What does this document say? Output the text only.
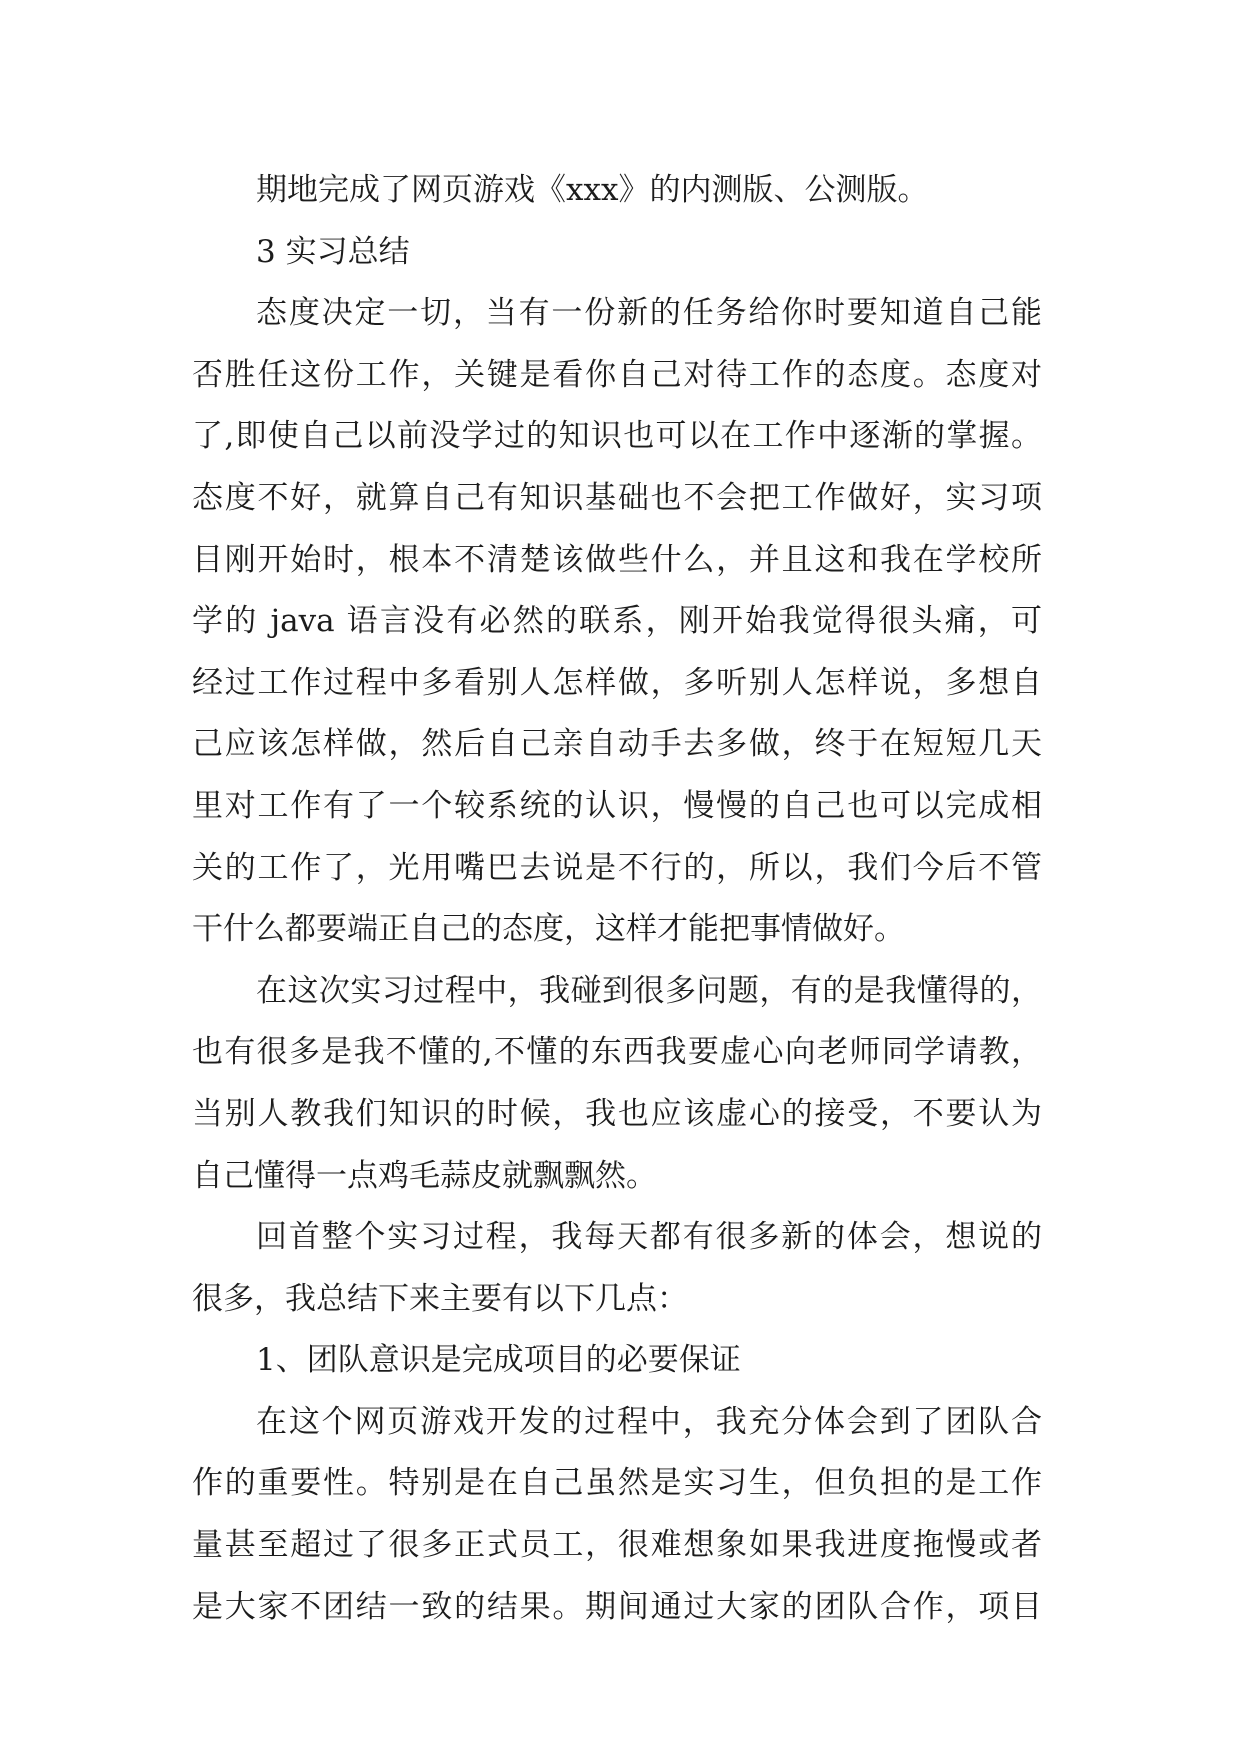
期地完成了网页游戏《xxx》的内测版、公测版。
3 实习总结
态度决定一切，当有一份新的任务给你时要知道自己能
否胜任这份工作，关键是看你自己对待工作的态度。态度对
了,即使自己以前没学过的知识也可以在工作中逐渐的掌握。
态度不好，就算自己有知识基础也不会把工作做好，实习项
目刚开始时，根本不清楚该做些什么，并且这和我在学校所
学的 java 语言没有必然的联系，刚开始我觉得很头痛，可
经过工作过程中多看别人怎样做，多听别人怎样说，多想自
己应该怎样做，然后自己亲自动手去多做，终于在短短几天
里对工作有了一个较系统的认识，慢慢的自己也可以完成相
关的工作了，光用嘴巴去说是不行的，所以，我们今后不管
干什么都要端正自己的态度，这样才能把事情做好。
在这次实习过程中，我碰到很多问题，有的是我懂得的，
也有很多是我不懂的,不懂的东西我要虚心向老师同学请教，
当别人教我们知识的时候，我也应该虚心的接受，不要认为
自己懂得一点鸡毛蒜皮就飘飘然。
回首整个实习过程，我每天都有很多新的体会，想说的
很多，我总结下来主要有以下几点：
1、团队意识是完成项目的必要保证
在这个网页游戏开发的过程中，我充分体会到了团队合
作的重要性。特别是在自己虽然是实习生，但负担的是工作
量甚至超过了很多正式员工，很难想象如果我进度拖慢或者
是大家不团结一致的结果。期间通过大家的团队合作，项目
